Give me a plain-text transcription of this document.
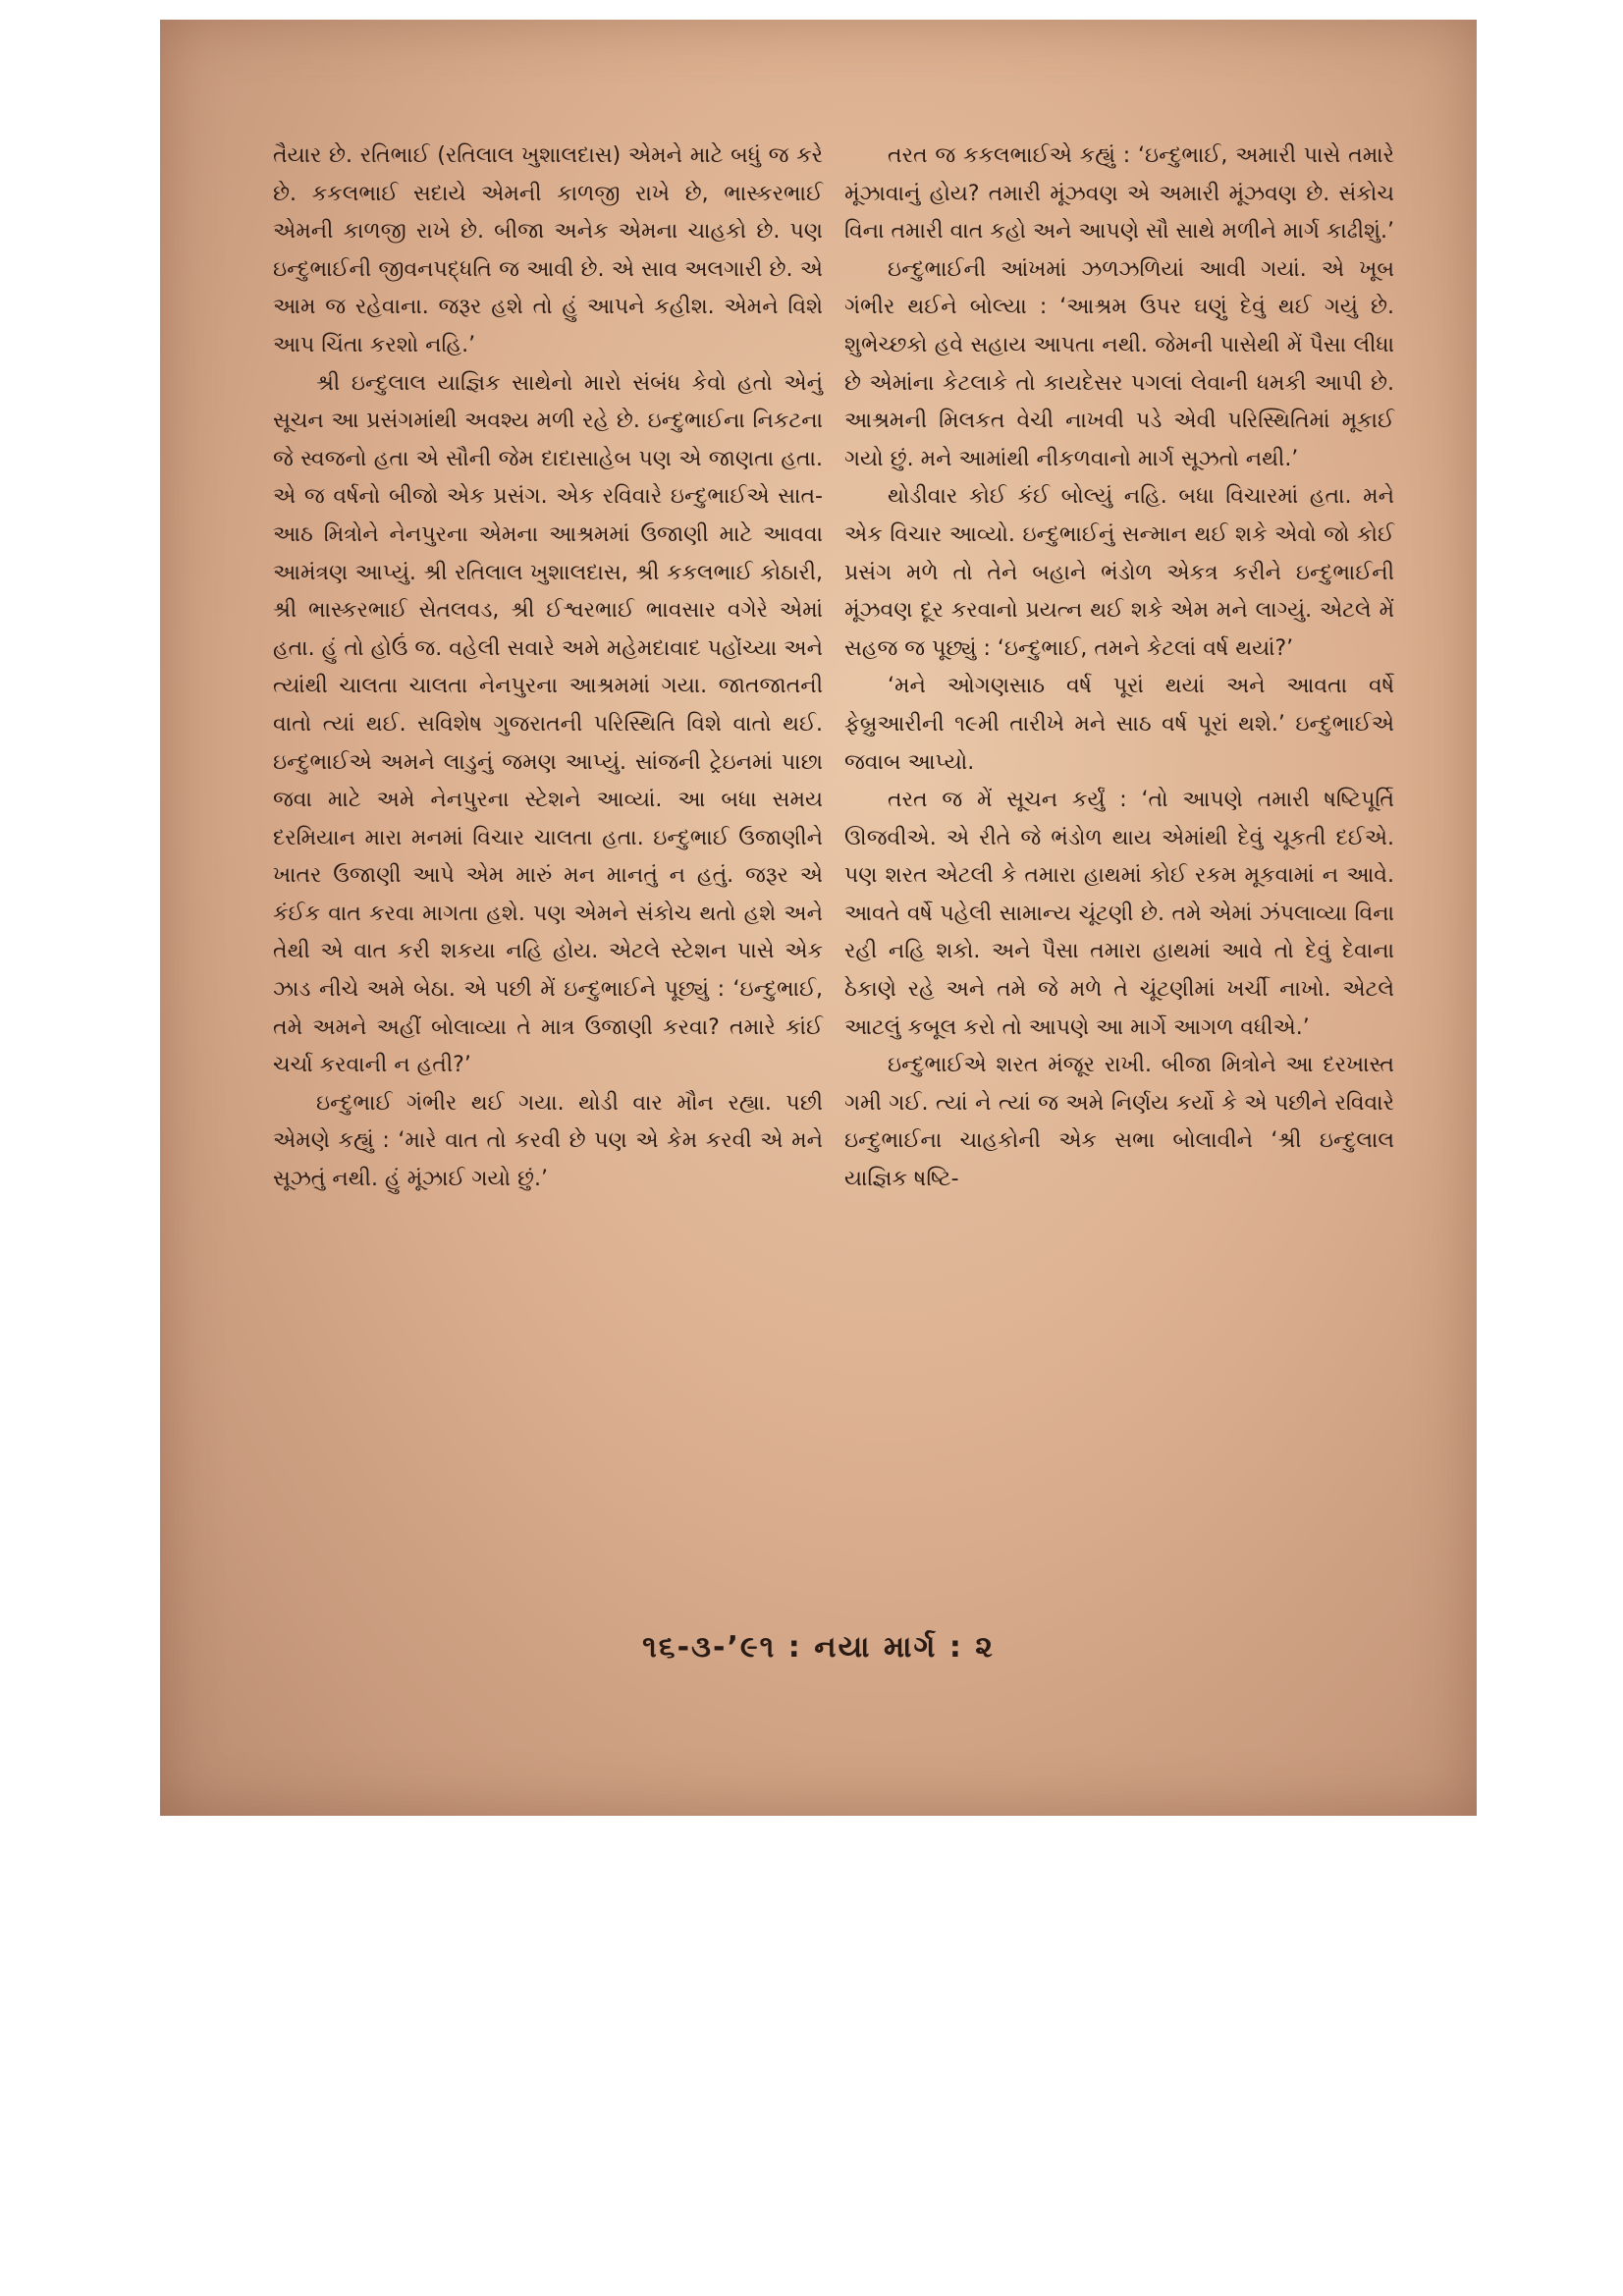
તૈયાર છે. રતિભાઈ (રતિલાલ ખુશાલદાસ) એમને માટે બધું જ કરે છે. કકલભાઈ સદાયે એમની કાળજી રાખે છે, ભાસ્કરભાઈ એમની કાળજી રાખે છે. બીજા અનેક એમના ચાહકો છે. પણ ઇન્દુભાઈની જીવનપદ્ધતિ જ આવી છે. એ સાવ અલગારી છે. એ આમ જ રહેવાના. જરૂર હશે તો હું આપને કહીશ. એમને વિશે આપ ચિંતા કરશો નહિ.’

શ્રી ઇન્દુલાલ યાજ્ઞિક સાથેનો મારો સંબંધ કેવો હતો એનું સૂચન આ પ્રસંગમાંથી અવશ્ય મળી રહે છે. ઇન્દુભાઈના નિકટના જે સ્વજનો હતા એ સૌની જેમ દાદાસાહેબ પણ એ જાણતા હતા. એ જ વર્ષનો બીજો એક પ્રસંગ. એક રવિવારે ઇન્દુભાઈએ સાત-આઠ મિત્રોને નેનપુરના એમના આશ્રમમાં ઉજાણી માટે આવવા આમંત્રણ આપ્યું. શ્રી રતિલાલ ખુશાલદાસ, શ્રી કકલભાઈ કોઠારી, શ્રી ભાસ્કરભાઈ સેતલવડ, શ્રી ઈશ્વરભાઈ ભાવસાર વગેરે એમાં હતા. હું તો હોઉં જ. વહેલી સવારે અમે મહેમદાવાદ પહોંચ્યા અને ત્યાંથી ચાલતા ચાલતા નેનપુરના આશ્રમમાં ગયા. જાતજાતની વાતો ત્યાં થઈ. સવિશેષ ગુજરાતની પરિસ્થિતિ વિશે વાતો થઈ. ઇન્દુભાઈએ અમને લાડુનું જમણ આપ્યું. સાંજની ટ્રેઇનમાં પાછા જવા માટે અમે નેનપુરના સ્ટેશને આવ્યાં. આ બધા સમય દરમિયાન મારા મનમાં વિચાર ચાલતા હતા. ઇન્દુભાઈ ઉજાણીને ખાતર ઉજાણી આપે એમ મારું મન માનતું ન હતું. જરૂર એ કંઈક વાત કરવા માગતા હશે. પણ એમને સંકોચ થતો હશે અને તેથી એ વાત કરી શકયા નહિ હોય. એટલે સ્ટેશન પાસે એક ઝાડ નીચે અમે બેઠા. એ પછી મેં ઇન્દુભાઈને પૂછ્યું : ‘ઇન્દુભાઈ, તમે અમને અહીં બોલાવ્યા તે માત્ર ઉજાણી કરવા? તમારે કાંઈ ચર્ચા કરવાની ન હતી?’

ઇન્દુભાઈ ગંભીર થઈ ગયા. થોડી વાર મૌન રહ્યા. પછી એમણે કહ્યું : ‘મારે વાત તો કરવી છે પણ એ કેમ કરવી એ મને સૂઝતું નથી. હું મૂંઝાઈ ગયો છું.’

તરત જ કકલભાઈએ કહ્યું : ‘ઇન્દુભાઈ, અમારી પાસે તમારે મૂંઝાવાનું હોય? તમારી મૂંઝવણ એ અમારી મૂંઝવણ છે. સંકોચ વિના તમારી વાત કહો અને આપણે સૌ સાથે મળીને માર્ગ કાઢીશું.’

ઇન્દુભાઈની આંખમાં ઝળઝળિયાં આવી ગયાં. એ ખૂબ ગંભીર થઈને બોલ્યા : ‘આશ્રમ ઉપર ઘણું દેવું થઈ ગયું છે. શુભેચ્છકો હવે સહાય આપતા નથી. જેમની પાસેથી મેં પૈસા લીધા છે એમાંના કેટલાકે તો કાયદેસર પગલાં લેવાની ધમકી આપી છે. આશ્રમની મિલકત વેચી નાખવી પડે એવી પરિસ્થિતિમાં મૂકાઈ ગયો છું. મને આમાંથી નીકળવાનો માર્ગ સૂઝતો નથી.’

થોડીવાર કોઈ કંઈ બોલ્યું નહિ. બધા વિચારમાં હતા. મને એક વિચાર આવ્યો. ઇન્દુભાઈનું સન્માન થઈ શકે એવો જો કોઈ પ્રસંગ મળે તો તેને બહાને ભંડોળ એકત્ર કરીને ઇન્દુભાઈની મૂંઝવણ દૂર કરવાનો પ્રયત્ન થઈ શકે એમ મને લાગ્યું. એટલે મેં સહજ જ પૂછ્યું : ‘ઇન્દુભાઈ, તમને કેટલાં વર્ષ થયાં?’

‘મને ઓગણસાઠ વર્ષ પૂરાં થયાં અને આવતા વર્ષે ફેબ્રુઆરીની ૧૯મી તારીખે મને સાઠ વર્ષ પૂરાં થશે.’ ઇન્દુભાઈએ જવાબ આપ્યો.

તરત જ મેં સૂચન કર્યું : ‘તો આપણે તમારી ષષ્ટિપૂર્તિ ઊજવીએ. એ રીતે જે ભંડોળ થાય એમાંથી દેવું ચૂકતી દઈએ. પણ શરત એટલી કે તમારા હાથમાં કોઈ રકમ મૂકવામાં ન આવે. આવતે વર્ષે પહેલી સામાન્ય ચૂંટણી છે. તમે એમાં ઝંપલાવ્યા વિના રહી નહિ શકો. અને પૈસા તમારા હાથમાં આવે તો દેવું દેવાના ઠેકાણે રહે અને તમે જે મળે તે ચૂંટણીમાં ખર્ચી નાખો. એટલે આટલું કબૂલ કરો તો આપણે આ માર્ગે આગળ વધીએ.’

ઇન્દુભાઈએ શરત મંજૂર રાખી. બીજા મિત્રોને આ દરખાસ્ત ગમી ગઈ. ત્યાં ને ત્યાં જ અમે નિર્ણય કર્યો કે એ પછીને રવિવારે ઇન્દુભાઈના ચાહકોની એક સભા બોલાવીને ‘શ્રી ઇન્દુલાલ યાજ્ઞિક ષષ્ટિ-

૧૬-૩-’૯૧ : નયા માર્ગ : ૨
